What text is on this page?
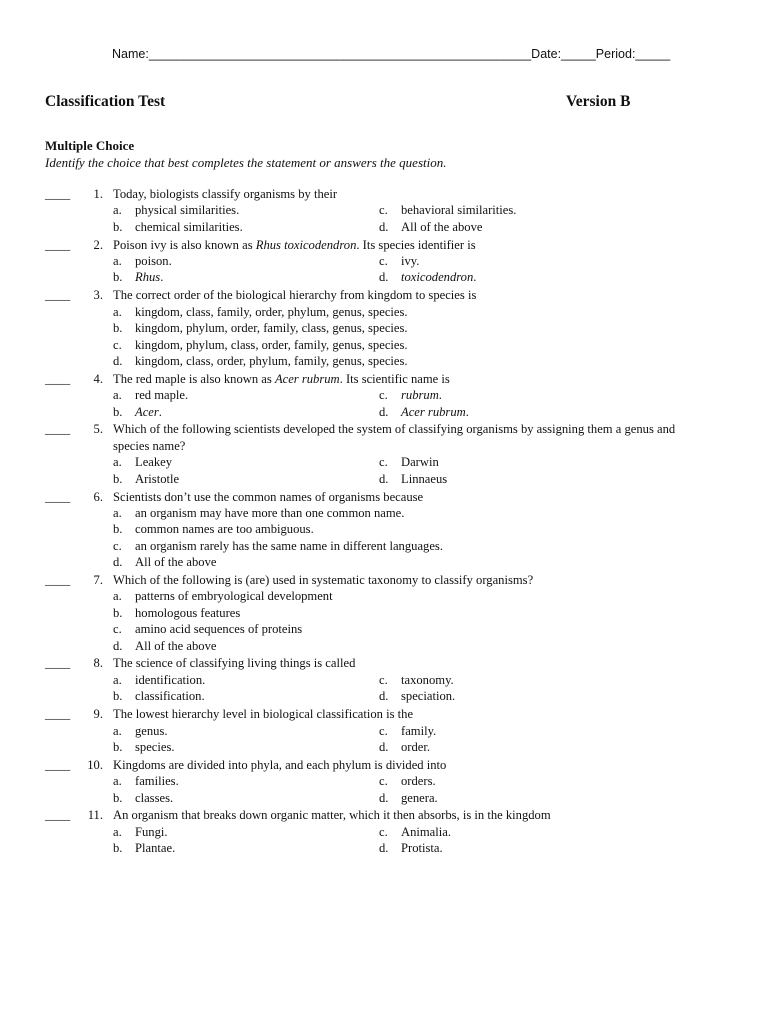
Name:_______________________________________________________Date:_____Period:_____
Classification Test	Version B
Multiple Choice
Identify the choice that best completes the statement or answers the question.
____	1. Today, biologists classify organisms by their
a. physical similarities.	c. behavioral similarities.
b. chemical similarities.	d. All of the above
____	2. Poison ivy is also known as Rhus toxicodendron. Its species identifier is
a. poison.	c. ivy.
b. Rhus.	d. toxicodendron.
____	3. The correct order of the biological hierarchy from kingdom to species is
a. kingdom, class, family, order, phylum, genus, species.
b. kingdom, phylum, order, family, class, genus, species.
c. kingdom, phylum, class, order, family, genus, species.
d. kingdom, class, order, phylum, family, genus, species.
____	4. The red maple is also known as Acer rubrum. Its scientific name is
a. red maple.	c. rubrum.
b. Acer.	d. Acer rubrum.
____	5. Which of the following scientists developed the system of classifying organisms by assigning them a genus and species name?
a. Leakey	c. Darwin
b. Aristotle	d. Linnaeus
____	6. Scientists don’t use the common names of organisms because
a. an organism may have more than one common name.
b. common names are too ambiguous.
c. an organism rarely has the same name in different languages.
d. All of the above
____	7. Which of the following is (are) used in systematic taxonomy to classify organisms?
a. patterns of embryological development
b. homologous features
c. amino acid sequences of proteins
d. All of the above
____	8. The science of classifying living things is called
a. identification.	c. taxonomy.
b. classification.	d. speciation.
____	9. The lowest hierarchy level in biological classification is the
a. genus.	c. family.
b. species.	d. order.
____	10. Kingdoms are divided into phyla, and each phylum is divided into
a. families.	c. orders.
b. classes.	d. genera.
____	11. An organism that breaks down organic matter, which it then absorbs, is in the kingdom
a. Fungi.	c. Animalia.
b. Plantae.	d. Protista.
